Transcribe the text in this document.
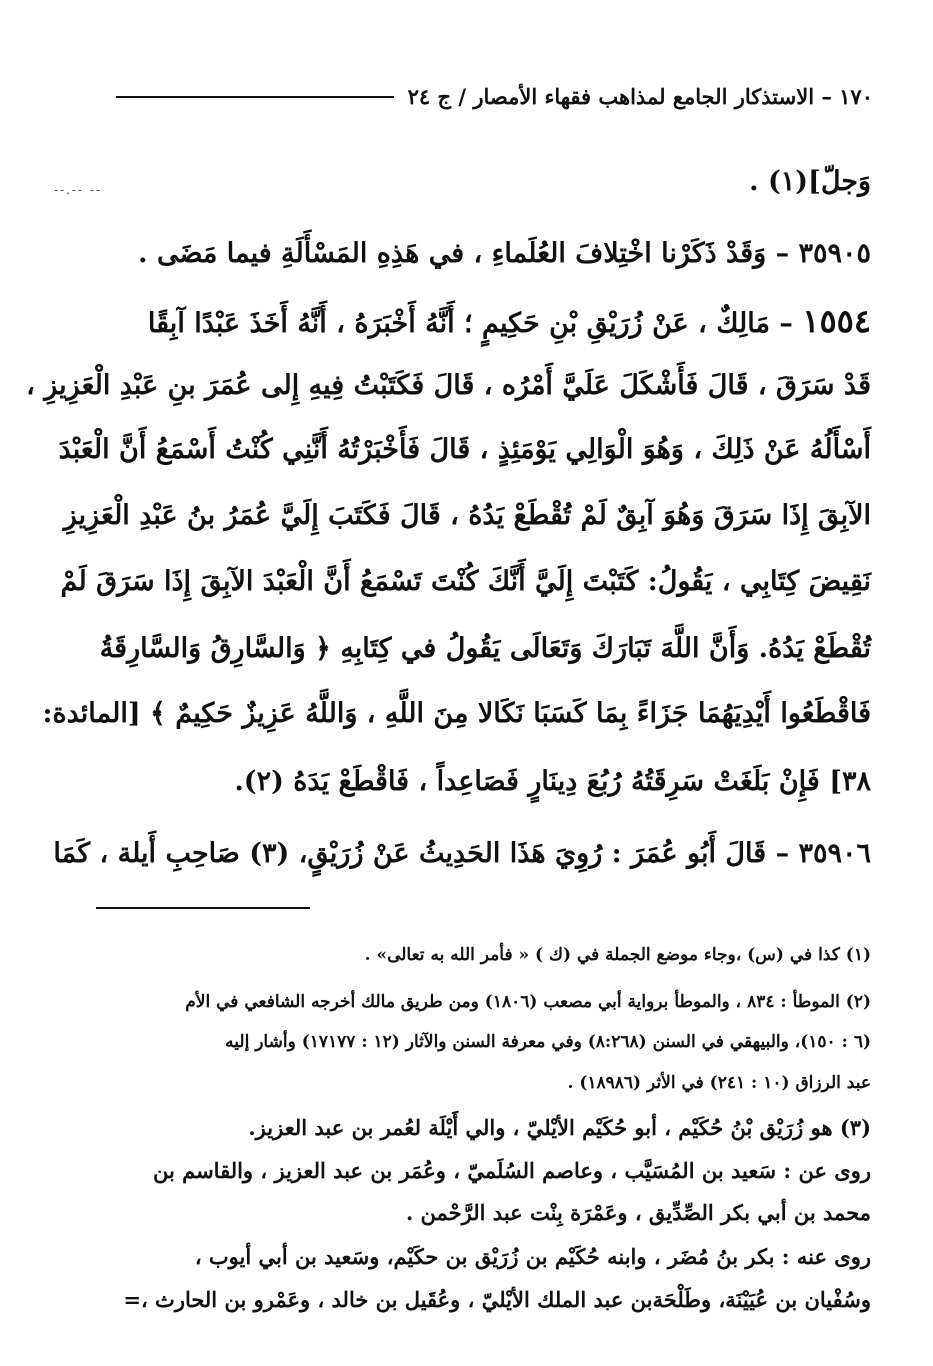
١٧٠
–
الاستذكار الجامع لمذاهب فقهاء الأمصار / ج ٢٤
--.-- --	وَجلّ](١) .
٣٥٩٠٥ – وَقَدْ ذَكَرْنا اخْتِلافَ العُلَماءِ ، في هَذِهِ المَسْأَلَةِ فيما مَضَى .
١٥٥٤ – مَالِكٌ ، عَنْ زُرَيْقِ بْنِ حَكِيمٍ ؛ أَنَّهُ أَخْبَرَهُ ، أَنَّهُ أَخَذَ عَبْدًا آبِقًا
قَدْ سَرَقَ ، قَالَ فَأَشْكَلَ عَلَيَّ أَمْرُه ، قَالَ فَكَتَبْتُ فِيهِ إِلى عُمَرَ بنِ عَبْدِ الْعَزِيزِ ،
أَسْأَلُهُ عَنْ ذَلِكَ ، وَهُوَ الْوَالِي يَوْمَئِذٍ ، قَالَ فَأَخْبَرْتُهُ أَنَّنِي كُنْتُ أَسْمَعُ أَنَّ الْعَبْدَ
الآبِقَ إِذَا سَرَقَ وَهُوَ آبِقٌ لَمْ تُقْطَعْ يَدُهُ ، قَالَ فَكَتَبَ إِلَيَّ عُمَرُ بنُ عَبْدِ الْعَزِيزِ
نَقِيضَ كِتَابِي ، يَقُولُ: كَتَبْتَ إِلَيَّ أَنَّكَ كُنْتَ تَسْمَعُ أَنَّ الْعَبْدَ الآبِقَ إِذَا سَرَقَ لَمْ
تُقْطَعْ يَدُهُ. وَأَنَّ اللَّهَ تَبَارَكَ وَتَعَالَى يَقُولُ في كِتَابِهِ ﴿ وَالسَّارِقُ وَالسَّارِقَةُ
فَاقْطَعُوا أَيْدِيَهُمَا جَزَاءً بِمَا كَسَبَا نَكَالا مِنَ اللَّهِ ، وَاللَّهُ عَزِيزٌ حَكِيمٌ ﴾ [المائدة:
٣٨] فَإِنْ بَلَغَتْ سَرِقَتُهُ رُبُعَ دِينَارٍ فَصَاعِداً ، فَاقْطَعْ يَدَهُ (٢).
٣٥٩٠٦ – قَالَ أَبُو عُمَرَ : رُوِيَ هَذَا الحَدِيثُ عَنْ زُرَيْقٍ، (٣) صَاحِبِ أَيلة ، كَمَا
(١) كذا في (س) ،وجاء موضع الجملة في (ك ) « فأمر الله به تعالى» .
(٢) الموطأ : ٨٣٤ ، والموطأ برواية أبي مصعب (١٨٠٦) ومن طريق مالك أخرجه الشافعي في الأم
(٦ : ١٥٠)، والبيهقي في السنن (٨:٢٦٨) وفي معرفة السنن والآثار (١٢ : ١٧١٧٧) وأشار إليه
عبد الرزاق (١٠ : ٢٤١) في الأثر (١٨٩٨٦) .
(٣) هو زُرَيْق بْنُ حُكَيْم ، أبو حُكَيْم الأيْليّ ، والي أَيْلَة لعُمر بن عبد العزيز.
روى عن : سَعيد بن المُسَيَّب ، وعاصم السُلَميّ ، وعُمَر بن عبد العزيز ، والقاسم بن
محمد بن أبي بكر الصِّدِّيق ، وعَمْرَة بِنْت عبد الرَّحْمن .
روى عنه : بكر بنُ مُضَر ، وابنه حُكَيْم بن زُرَيْق بن حكَيْم، وسَعيد بن أبي أيوب ،
وسُفْيان بن عُيَيْنَة، وطَلْحَةبن عبد الملك الأيْليّ ، وعُقَيل بن خالد ، وعَمْرو بن الحارث ،=
